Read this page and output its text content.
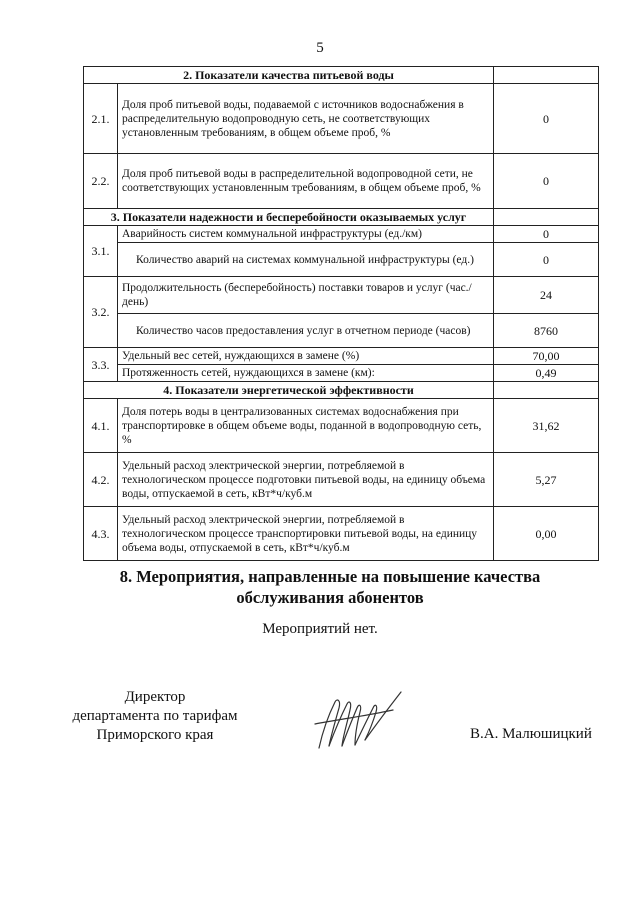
5
2. Показатели качества питьевой воды		
2.1.	Доля проб питьевой воды, подаваемой с источников водоснабжения в распределительную водопроводную сеть, не соответствующих установленным требованиям, в общем объеме проб, %	0
2.2.	Доля проб питьевой воды в распределительной водопроводной сети, не соответствующих установленным требованиям, в общем объеме проб, %	0
3. Показатели надежности и бесперебойности оказываемых услуг		
3.1.	Аварийность систем коммунальной инфраструктуры (ед./км)	0
	Количество аварий на системах коммунальной инфраструктуры (ед.)	0
3.2.	Продолжительность (бесперебойность) поставки товаров и услуг (час./день)	24
	Количество часов предоставления услуг в отчетном периоде (часов)	8760
3.3.	Удельный вес сетей, нуждающихся в замене (%)	70,00
	Протяженность сетей, нуждающихся в замене (км):	0,49
4. Показатели энергетической эффективности		
4.1.	Доля потерь воды в централизованных системах водоснабжения при транспортировке в общем объеме воды, поданной в водопроводную сеть, %	31,62
4.2.	Удельный расход электрической энергии, потребляемой в технологическом процессе подготовки питьевой воды, на единицу объема воды, отпускаемой в сеть, кВт*ч/куб.м	5,27
4.3.	Удельный расход электрической энергии, потребляемой в технологическом процессе транспортировки питьевой воды, на единицу объема воды, отпускаемой в сеть, кВт*ч/куб.м	0,00
8. Мероприятия, направленные на повышение качества
обслуживания абонентов
Мероприятий нет.
Директор
департамента по тарифам
Приморского края	В.А. Малюшицкий
